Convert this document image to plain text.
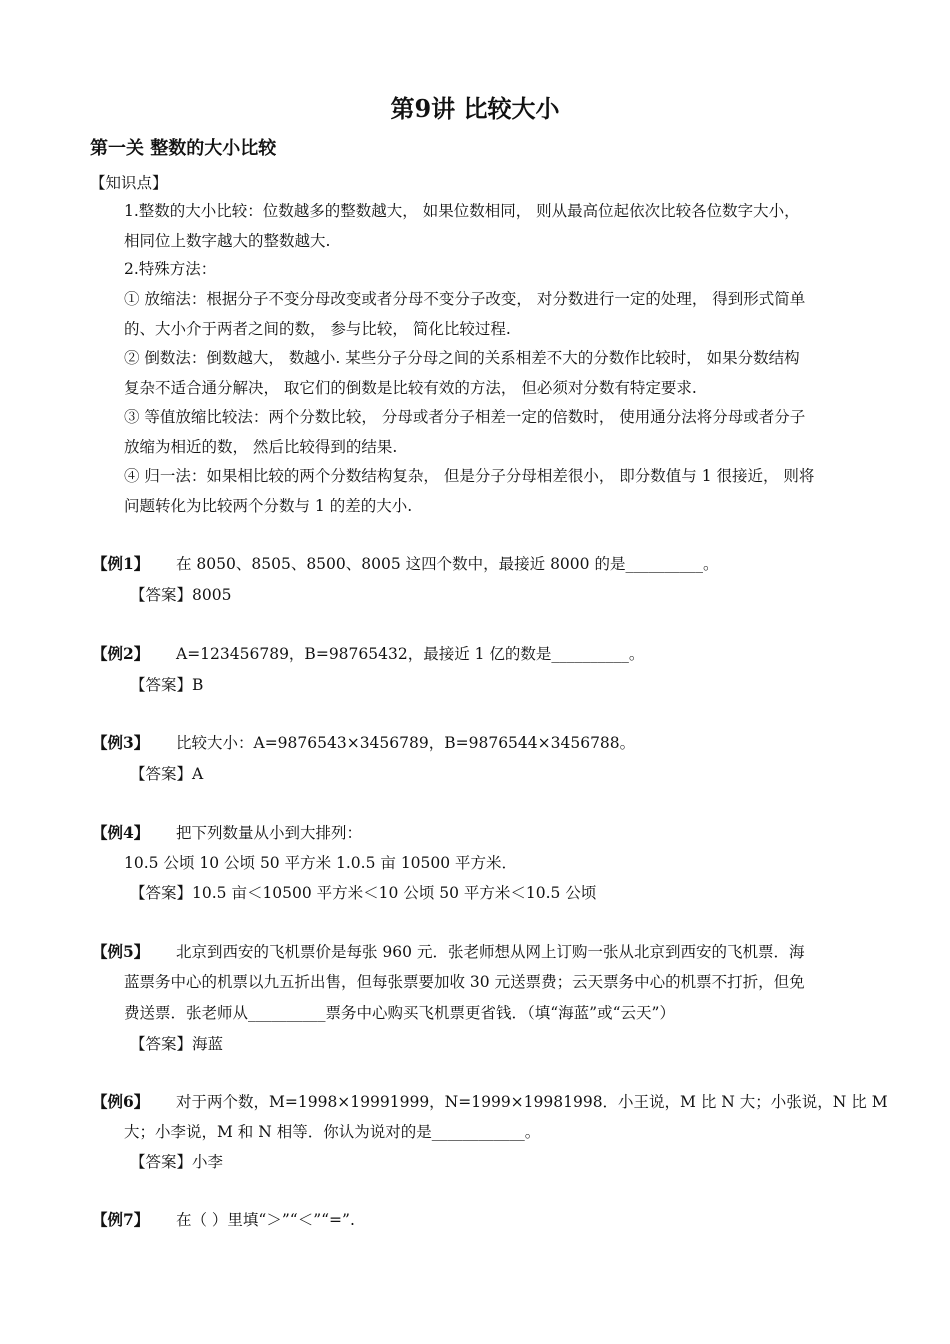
第9讲 比较大小
第一关 整数的大小比较
【知识点】
1.整数的大小比较：位数越多的整数越大， 如果位数相同， 则从最高位起依次比较各位数字大小，
相同位上数字越大的整数越大.
2.特殊方法：
① 放缩法：根据分子不变分母改变或者分母不变分子改变， 对分数进行一定的处理， 得到形式简单
的、大小介于两者之间的数， 参与比较， 简化比较过程.
② 倒数法：倒数越大， 数越小. 某些分子分母之间的关系相差不大的分数作比较时， 如果分数结构
复杂不适合通分解决， 取它们的倒数是比较有效的方法， 但必须对分数有特定要求.
③ 等值放缩比较法：两个分数比较， 分母或者分子相差一定的倍数时， 使用通分法将分母或者分子
放缩为相近的数， 然后比较得到的结果.
④ 归一法：如果相比较的两个分数结构复杂， 但是分子分母相差很小， 即分数值与 1 很接近， 则将
问题转化为比较两个分数与 1 的差的大小.
【例1】 在 8050、8505、8500、8005 这四个数中，最接近 8000 的是__________。
【答案】8005
【例2】 A=123456789，B=98765432，最接近 1 亿的数是__________。
【答案】B
【例3】 比较大小：A=9876543×3456789，B=9876544×3456788。
【答案】A
【例4】 把下列数量从小到大排列：
10.5 公顷 10 公顷 50 平方米 1.0.5 亩 10500 平方米．
【答案】10.5 亩＜10500 平方米＜10 公顷 50 平方米＜10.5 公顷
【例5】 北京到西安的飞机票价是每张 960 元．张老师想从网上订购一张从北京到西安的飞机票．海
蓝票务中心的机票以九五折出售，但每张票要加收 30 元送票费；云天票务中心的机票不打折，但免
费送票．张老师从__________票务中心购买飞机票更省钱．（填“海蓝”或“云天”）
【答案】海蓝
【例6】 对于两个数，M=1998×19991999，N=1999×19981998．小王说，M 比 N 大；小张说，N 比 M
大；小李说，M 和 N 相等．你认为说对的是____________。
【答案】小李
【例7】 在（ ）里填“＞”“＜”“=”.
